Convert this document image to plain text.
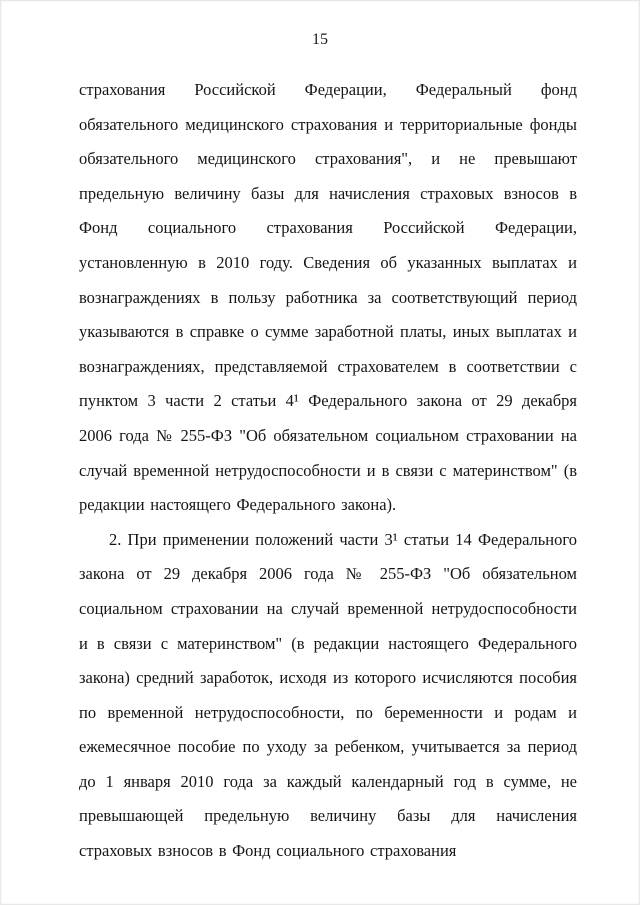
15

страхования Российской Федерации, Федеральный фонд обязательного медицинского страхования и территориальные фонды обязательного медицинского страхования", и не превышают предельную величину базы для начисления страховых взносов в Фонд социального страхования Российской Федерации, установленную в 2010 году. Сведения об указанных выплатах и вознаграждениях в пользу работника за соответствующий период указываются в справке о сумме заработной платы, иных выплатах и вознаграждениях, представляемой страхователем в соответствии с пунктом 3 части 2 статьи 4¹ Федерального закона от 29 декабря 2006 года № 255-ФЗ "Об обязательном социальном страховании на случай временной нетрудоспособности и в связи с материнством" (в редакции настоящего Федерального закона).

2. При применении положений части 3¹ статьи 14 Федерального закона от 29 декабря 2006 года № 255-ФЗ "Об обязательном социальном страховании на случай временной нетрудоспособности и в связи с материнством" (в редакции настоящего Федерального закона) средний заработок, исходя из которого исчисляются пособия по временной нетрудоспособности, по беременности и родам и ежемесячное пособие по уходу за ребенком, учитывается за период до 1 января 2010 года за каждый календарный год в сумме, не превышающей предельную величину базы для начисления страховых взносов в Фонд социального страхования
